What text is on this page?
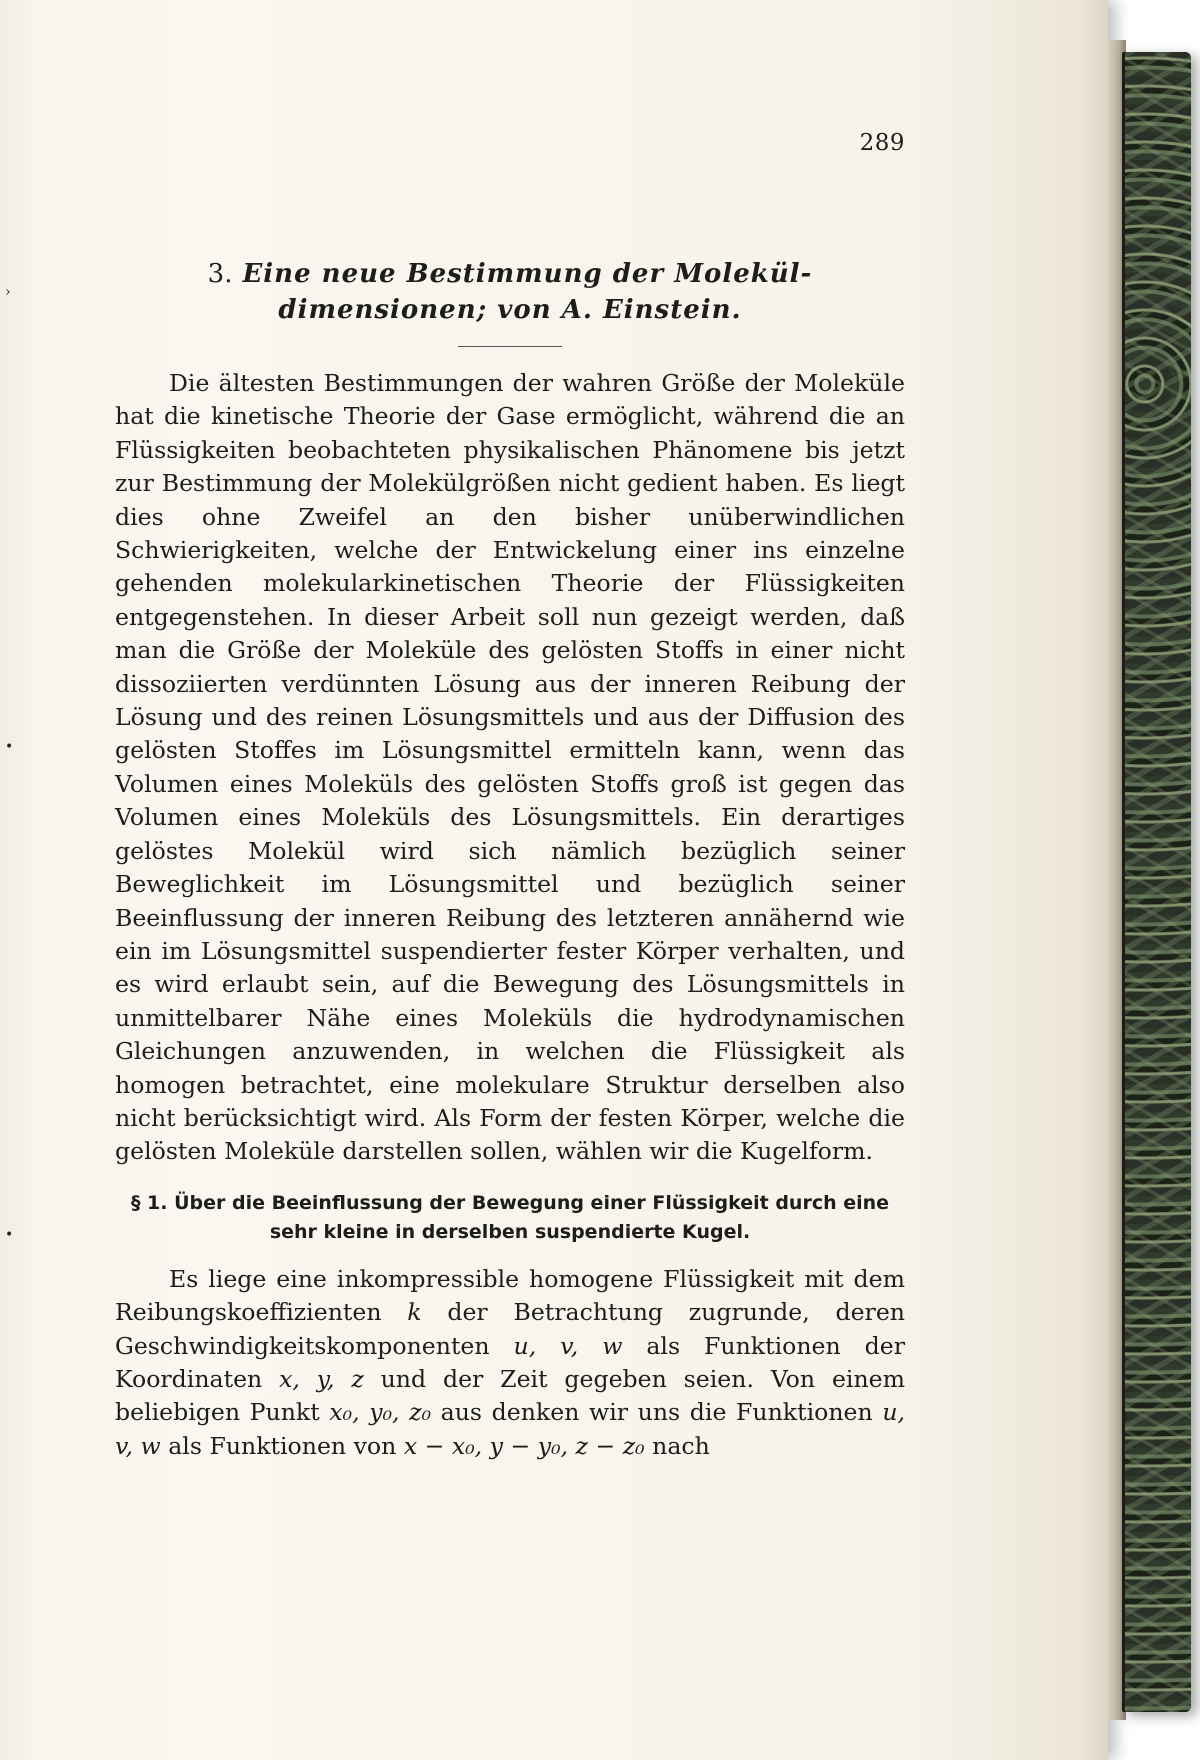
›
•
•
289
3. Eine neue Bestimmung der Molekül- dimensionen; von A. Einstein.

Die ältesten Bestimmungen der wahren Größe der Moleküle hat die kinetische Theorie der Gase ermöglicht, während die an Flüssigkeiten beobachteten physikalischen Phänomene bis jetzt zur Bestimmung der Molekülgrößen nicht gedient haben. Es liegt dies ohne Zweifel an den bisher unüberwindlichen Schwierigkeiten, welche der Entwickelung einer ins einzelne gehenden molekularkinetischen Theorie der Flüssigkeiten entgegenstehen. In dieser Arbeit soll nun gezeigt werden, daß man die Größe der Moleküle des gelösten Stoffs in einer nicht dissoziierten verdünnten Lösung aus der inneren Reibung der Lösung und des reinen Lösungsmittels und aus der Diffusion des gelösten Stoffes im Lösungsmittel ermitteln kann, wenn das Volumen eines Moleküls des gelösten Stoffs groß ist gegen das Volumen eines Moleküls des Lösungsmittels. Ein derartiges gelöstes Molekül wird sich nämlich bezüglich seiner Beweglichkeit im Lösungsmittel und bezüglich seiner Beeinflussung der inneren Reibung des letzteren annähernd wie ein im Lösungsmittel suspendierter fester Körper verhalten, und es wird erlaubt sein, auf die Bewegung des Lösungsmittels in unmittelbarer Nähe eines Moleküls die hydrodynamischen Gleichungen anzuwenden, in welchen die Flüssigkeit als homogen betrachtet, eine molekulare Struktur derselben also nicht berücksichtigt wird. Als Form der festen Körper, welche die gelösten Moleküle darstellen sollen, wählen wir die Kugelform.

§ 1. Über die Beeinflussung der Bewegung einer Flüssigkeit durch eine sehr kleine in derselben suspendierte Kugel.

Es liege eine inkompressible homogene Flüssigkeit mit dem Reibungskoeffizienten k der Betrachtung zugrunde, deren Geschwindigkeitskomponenten u, v, w als Funktionen der Koordinaten x, y, z und der Zeit gegeben seien. Von einem beliebigen Punkt x₀, y₀, z₀ aus denken wir uns die Funktionen u, v, w als Funktionen von x − x₀, y − y₀, z − z₀ nach
